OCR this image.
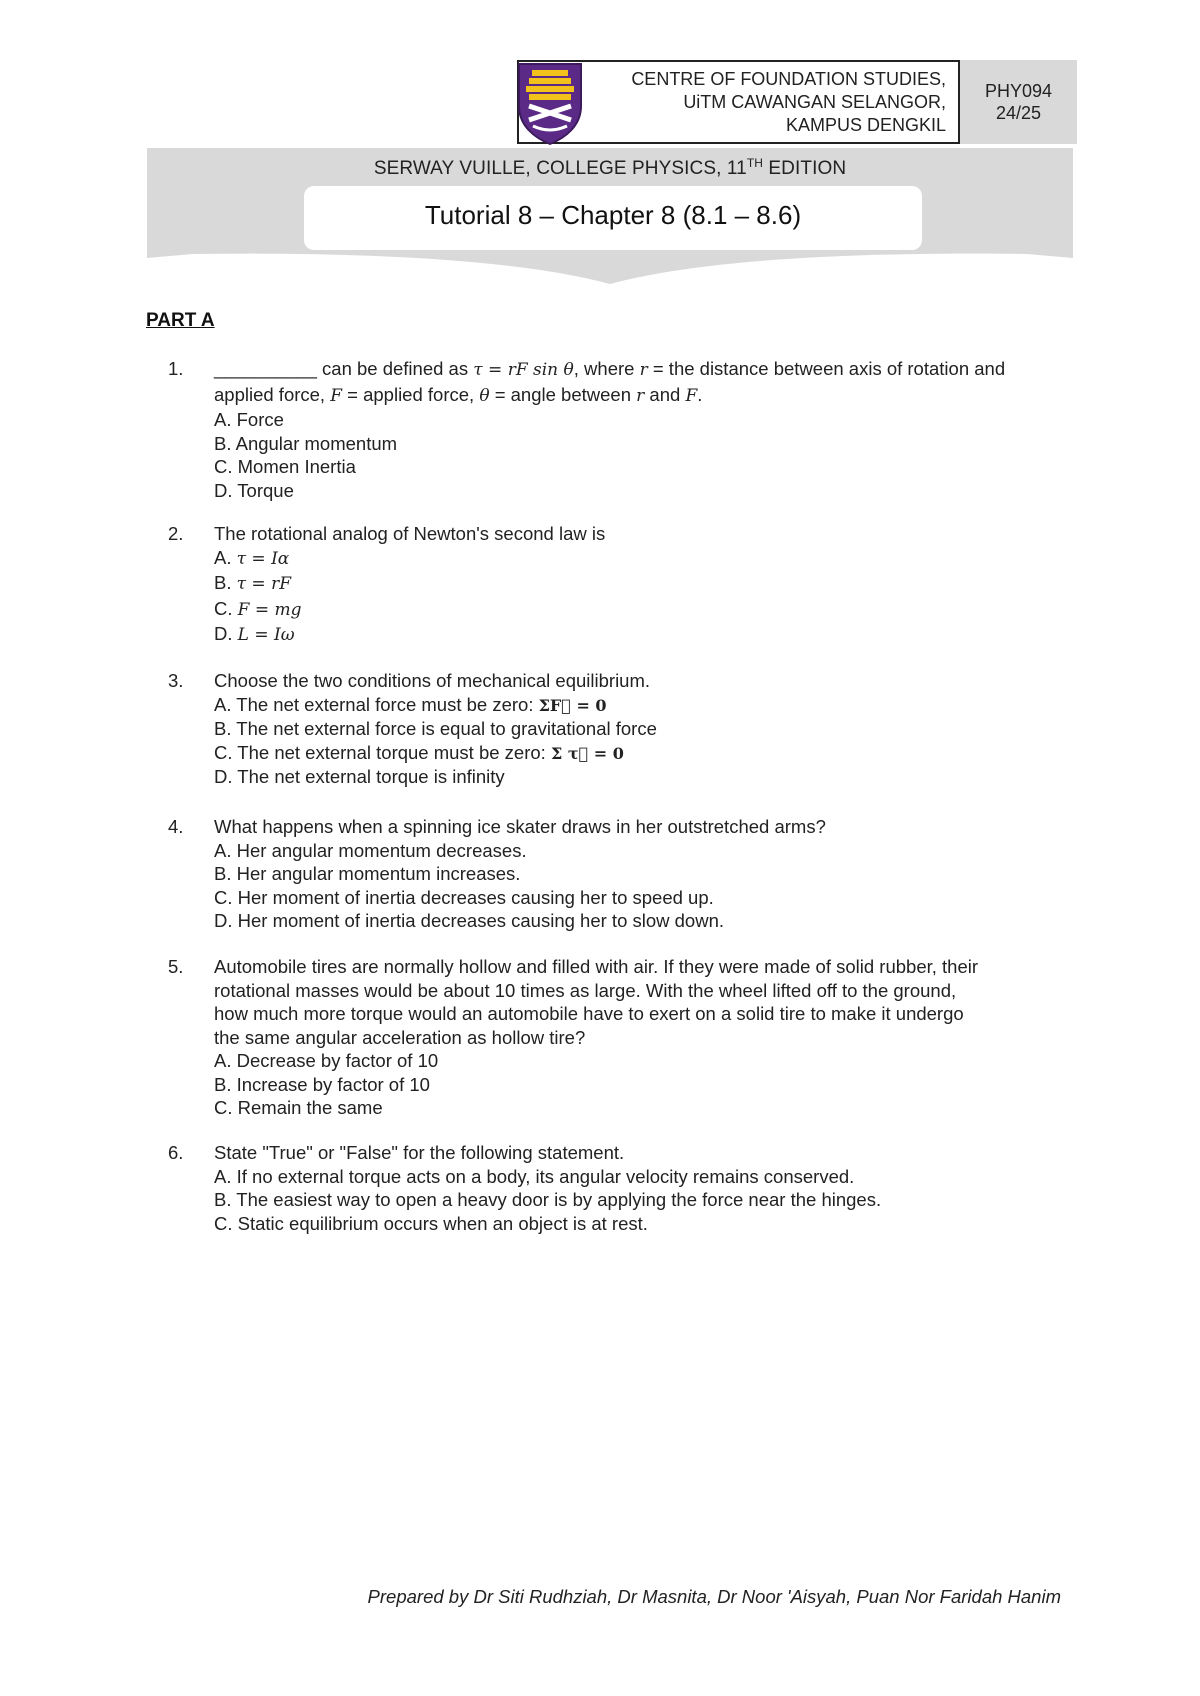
CENTRE OF FOUNDATION STUDIES,
UiTM CAWANGAN SELANGOR,
KAMPUS DENGKIL
PHY094
24/25
SERWAY VUILLE, COLLEGE PHYSICS, 11TH EDITION
Tutorial 8 – Chapter 8 (8.1 – 8.6)
PART A
1. __________ can be defined as τ = rF sin θ, where r = the distance between axis of rotation and
applied force, F = applied force, θ = angle between r and F.
A. Force
B. Angular momentum
C. Momen Inertia
D. Torque
2. The rotational analog of Newton's second law is
A. τ = Iα
B. τ = rF
C. F = mg
D. L = Iω
3. Choose the two conditions of mechanical equilibrium.
A. The net external force must be zero: ΣF⃗ = 0
B. The net external force is equal to gravitational force
C. The net external torque must be zero: Σ τ⃗ = 0
D. The net external torque is infinity
4. What happens when a spinning ice skater draws in her outstretched arms?
A. Her angular momentum decreases.
B. Her angular momentum increases.
C. Her moment of inertia decreases causing her to speed up.
D. Her moment of inertia decreases causing her to slow down.
5. Automobile tires are normally hollow and filled with air. If they were made of solid rubber, their
rotational masses would be about 10 times as large. With the wheel lifted off to the ground,
how much more torque would an automobile have to exert on a solid tire to make it undergo
the same angular acceleration as hollow tire?
A. Decrease by factor of 10
B. Increase by factor of 10
C. Remain the same
6. State "True" or "False" for the following statement.
A. If no external torque acts on a body, its angular velocity remains conserved.
B. The easiest way to open a heavy door is by applying the force near the hinges.
C. Static equilibrium occurs when an object is at rest.
Prepared by Dr Siti Rudhziah, Dr Masnita, Dr Noor 'Aisyah, Puan Nor Faridah Hanim
